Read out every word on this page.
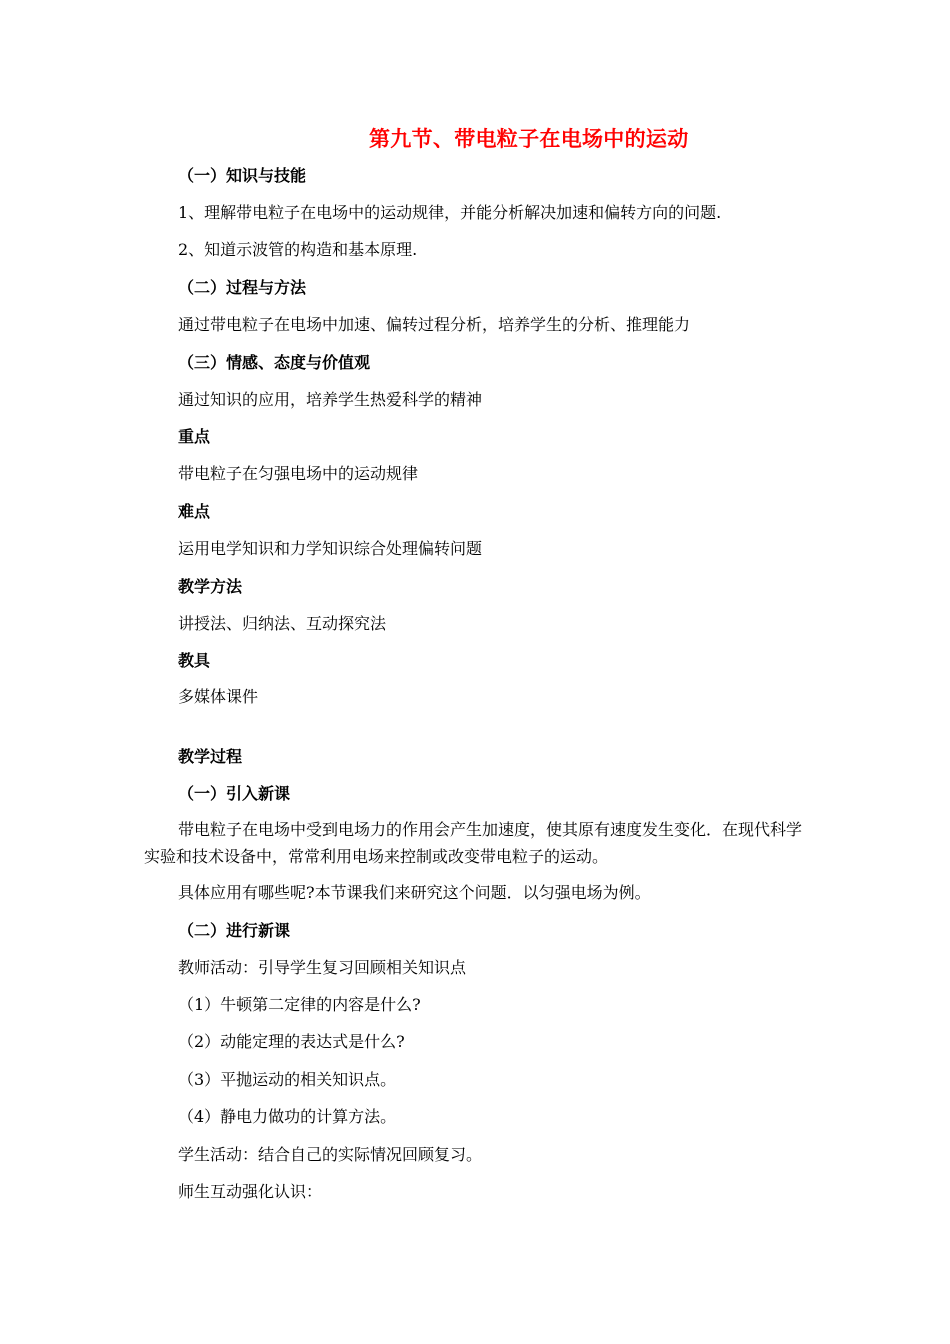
第九节、带电粒子在电场中的运动
（一）知识与技能
1、理解带电粒子在电场中的运动规律，并能分析解决加速和偏转方向的问题.
2、知道示波管的构造和基本原理.
（二）过程与方法
通过带电粒子在电场中加速、偏转过程分析，培养学生的分析、推理能力
（三）情感、态度与价值观
通过知识的应用，培养学生热爱科学的精神
重点
带电粒子在匀强电场中的运动规律
难点
运用电学知识和力学知识综合处理偏转问题
教学方法
讲授法、归纳法、互动探究法
教具
多媒体课件
教学过程
（一）引入新课
带电粒子在电场中受到电场力的作用会产生加速度，使其原有速度发生变化．在现代科学实验和技术设备中，常常利用电场来控制或改变带电粒子的运动。
具体应用有哪些呢?本节课我们来研究这个问题．以匀强电场为例。
（二）进行新课
教师活动：引导学生复习回顾相关知识点
（1）牛顿第二定律的内容是什么?
（2）动能定理的表达式是什么?
（3）平抛运动的相关知识点。
（4）静电力做功的计算方法。
学生活动：结合自己的实际情况回顾复习。
师生互动强化认识：
